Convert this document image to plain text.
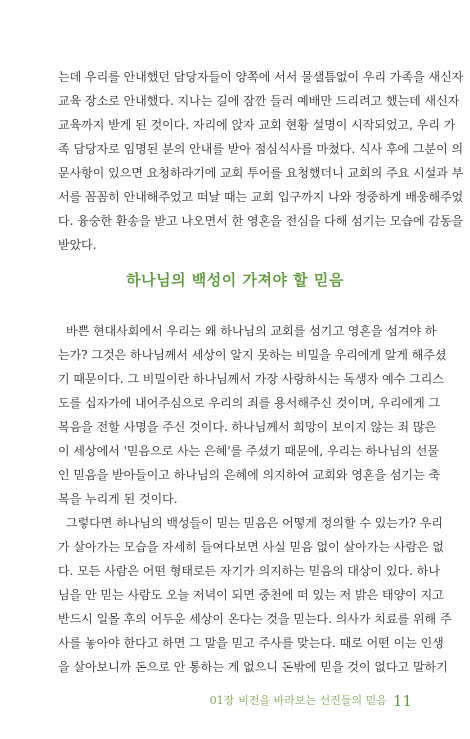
는데 우리를 안내했던 담당자들이 양쪽에 서서 물샐틈없이 우리 가족을 새신자
교육 장소로 안내했다. 지나는 길에 잠깐 들러 예배만 드리려고 했는데 새신자
교육까지 받게 된 것이다. 자리에 앉자 교회 현황 설명이 시작되었고, 우리 가
족 담당자로 임명된 분의 안내를 받아 점심식사를 마쳤다. 식사 후에 그분이 의
문사항이 있으면 요청하라기에 교회 투어를 요청했더니 교회의 주요 시설과 부
서를 꼼꼼히 안내해주었고 떠날 때는 교회 입구까지 나와 정중하게 배웅해주었
다. 융숭한 환송을 받고 나오면서 한 영혼을 전심을 다해 섬기는 모습에 감동을
받았다.
하나님의 백성이 가져야 할 믿음
바쁜 현대사회에서 우리는 왜 하나님의 교회를 섬기고 영혼을 섬겨야 하
는가? 그것은 하나님께서 세상이 알지 못하는 비밀을 우리에게 알게 해주셨
기 때문이다. 그 비밀이란 하나님께서 가장 사랑하시는 독생자 예수 그리스
도를 십자가에 내어주심으로 우리의 죄를 용서해주신 것이며, 우리에게 그
복음을 전할 사명을 주신 것이다. 하나님께서 희망이 보이지 않는 죄 많은
이 세상에서 '믿음으로 사는 은혜'를 주셨기 때문에, 우리는 하나님의 선물
인 믿음을 받아들이고 하나님의 은혜에 의지하여 교회와 영혼을 섬기는 축
복을 누리게 된 것이다.
그렇다면 하나님의 백성들이 믿는 믿음은 어떻게 정의할 수 있는가? 우리
가 살아가는 모습을 자세히 들여다보면 사실 믿음 없이 살아가는 사람은 없
다. 모든 사람은 어떤 형태로든 자기가 의지하는 믿음의 대상이 있다. 하나
님을 안 믿는 사람도 오늘 저녁이 되면 중천에 떠 있는 저 밝은 태양이 지고
반드시 일몰 후의 어두운 세상이 온다는 것을 믿는다. 의사가 치료를 위해 주
사를 놓아야 한다고 하면 그 말을 믿고 주사를 맞는다. 때로 어떤 이는 인생
을 살아보니까 돈으로 안 통하는 게 없으니 돈밖에 믿을 것이 없다고 말하기
01장 비전을 바라보는 선진들의 믿음 11
